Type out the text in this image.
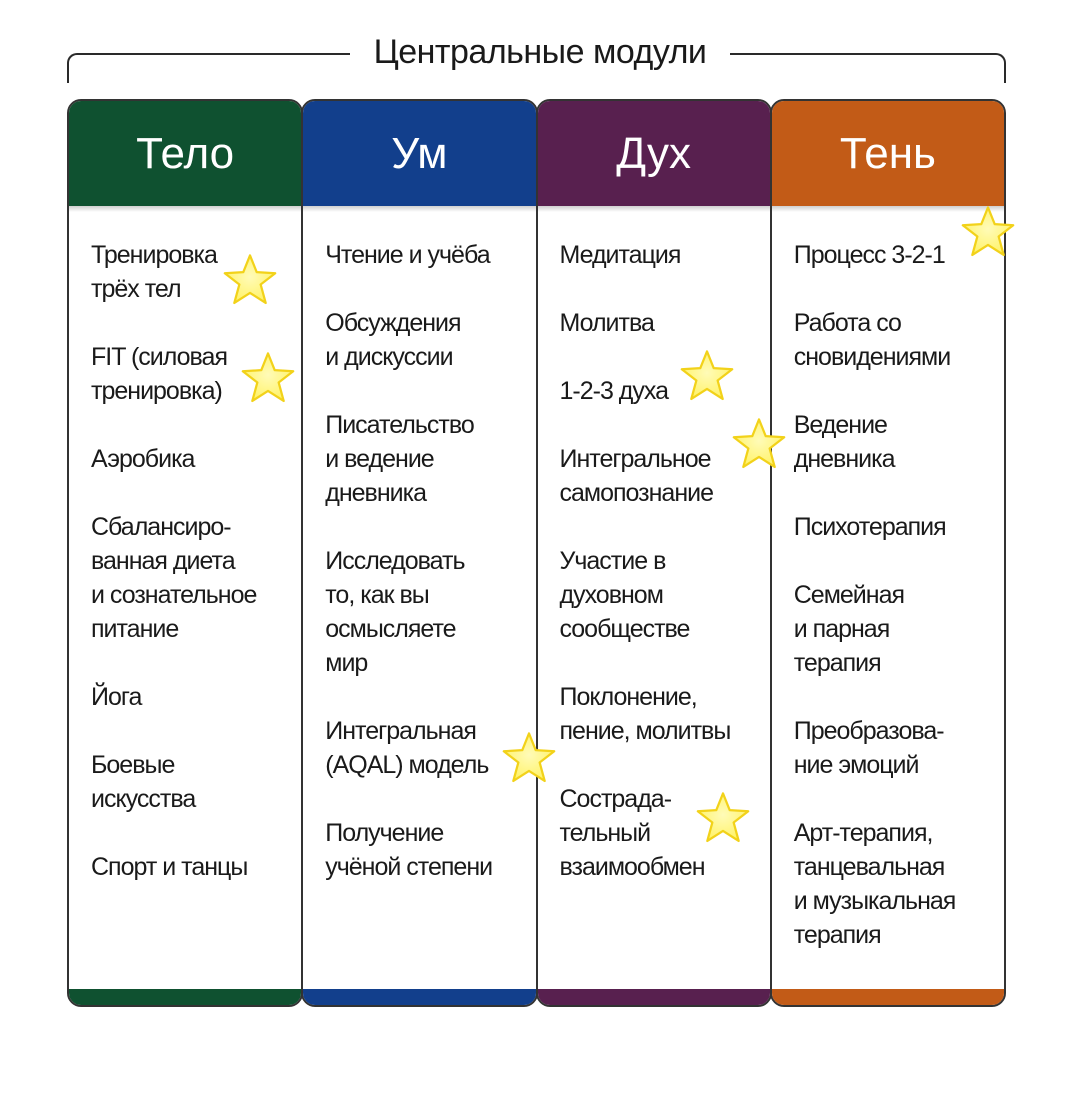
Центральные модули
Тело
Тренировка
трёх тел
FIT (силовая
тренировка)
Аэробика
Сбалансиро-
ванная диета
и сознательное
питание
Йога
Боевые
искусства
Спорт и танцы
Ум
Чтение и учёба
Обсуждения
и дискуссии
Писательство
и ведение
дневника
Исследовать
то, как вы
осмысляете
мир
Интегральная
(AQAL) модель
Получение
учёной степени
Дух
Медитация
Молитва
1-2-3 духа
Интегральное
самопознание
Участие в
духовном
сообществе
Поклонение,
пение, молитвы
Сострада-
тельный
взаимообмен
Тень
Процесс 3-2-1
Работа со
сновидениями
Ведение
дневника
Психотерапия
Семейная
и парная
терапия
Преобразова-
ние эмоций
Арт-терапия,
танцевальная
и музыкальная
терапия
